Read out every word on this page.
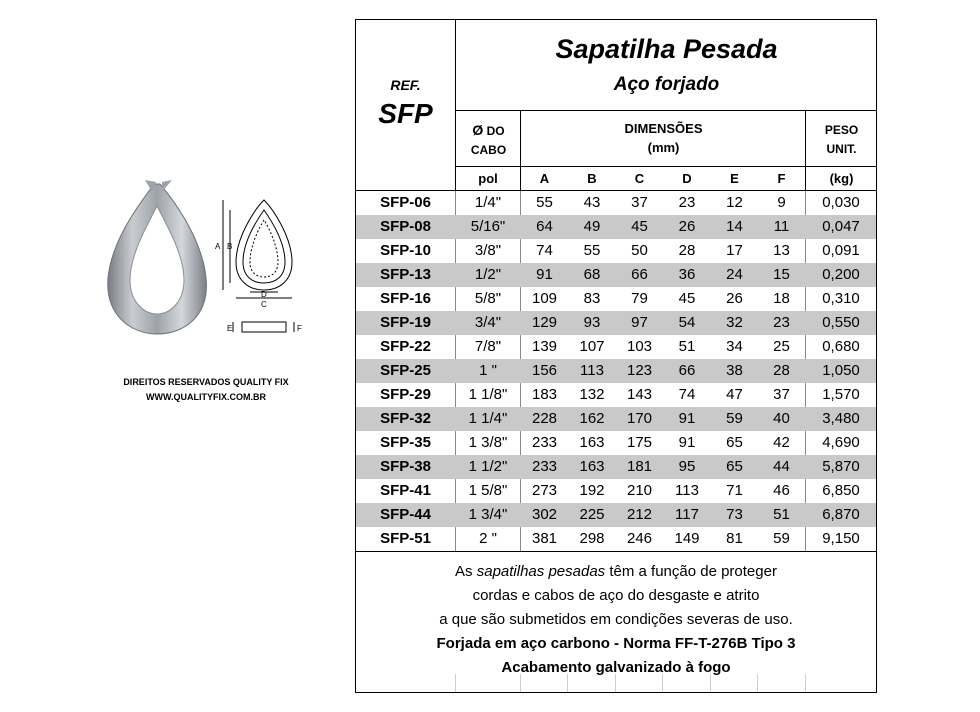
A B
C
D
E	F
DIREITOS RESERVADOS QUALITY FIX
WWW.QUALITYFIX.COM.BR
REF.
SFP
Sapatilha Pesada
Aço forjado
Ø DO
CABO
DIMENSÕES
(mm)
PESO
UNIT.
pol	A	B	C	D	E	F	(kg)
SFP-06	1/4"	55	43	37	23	12	9	0,030
SFP-08	5/16"	64	49	45	26	14	11	0,047
SFP-10	3/8"	74	55	50	28	17	13	0,091
SFP-13	1/2"	91	68	66	36	24	15	0,200
SFP-16	5/8"	109	83	79	45	26	18	0,310
SFP-19	3/4"	129	93	97	54	32	23	0,550
SFP-22	7/8"	139	107	103	51	34	25	0,680
SFP-25	1 "	156	113	123	66	38	28	1,050
SFP-29	1 1/8"	183	132	143	74	47	37	1,570
SFP-32	1 1/4"	228	162	170	91	59	40	3,480
SFP-35	1 3/8"	233	163	175	91	65	42	4,690
SFP-38	1 1/2"	233	163	181	95	65	44	5,870
SFP-41	1 5/8"	273	192	210	113	71	46	6,850
SFP-44	1 3/4"	302	225	212	117	73	51	6,870
SFP-51	2 "	381	298	246	149	81	59	9,150
As sapatilhas pesadas têm a função de proteger
cordas e cabos de aço do desgaste e atrito
a que são submetidos em condições severas de uso.
Forjada em aço carbono - Norma FF-T-276B Tipo 3
Acabamento galvanizado à fogo
